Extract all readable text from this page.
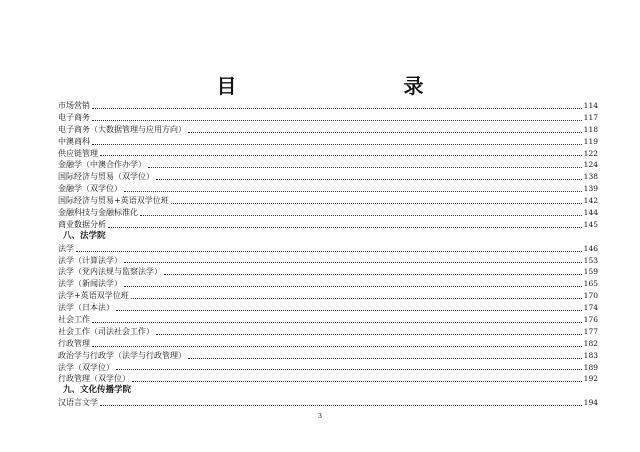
目 录
市场营销	114
电子商务	117
电子商务（大数据管理与应用方向）	118
中澳商科	119
供应链管理	122
金融学（中澳合作办学）	124
国际经济与贸易（双学位）	138
金融学（双学位）	139
国际经济与贸易+英语双学位班	142
金融科技与金融标准化	144
商业数据分析	145
八、法学院
法学	146
法学（计算法学）	153
法学（党内法规与监察法学）	159
法学（新闻法学）	165
法学+英语双学位班	170
法学（日本法）	174
社会工作	176
社会工作（司法社会工作）	177
行政管理	182
政治学与行政学（法学与行政管理）	183
法学（双学位）	189
行政管理（双学位）	192
九、文化传播学院
汉语言文学	194
3
